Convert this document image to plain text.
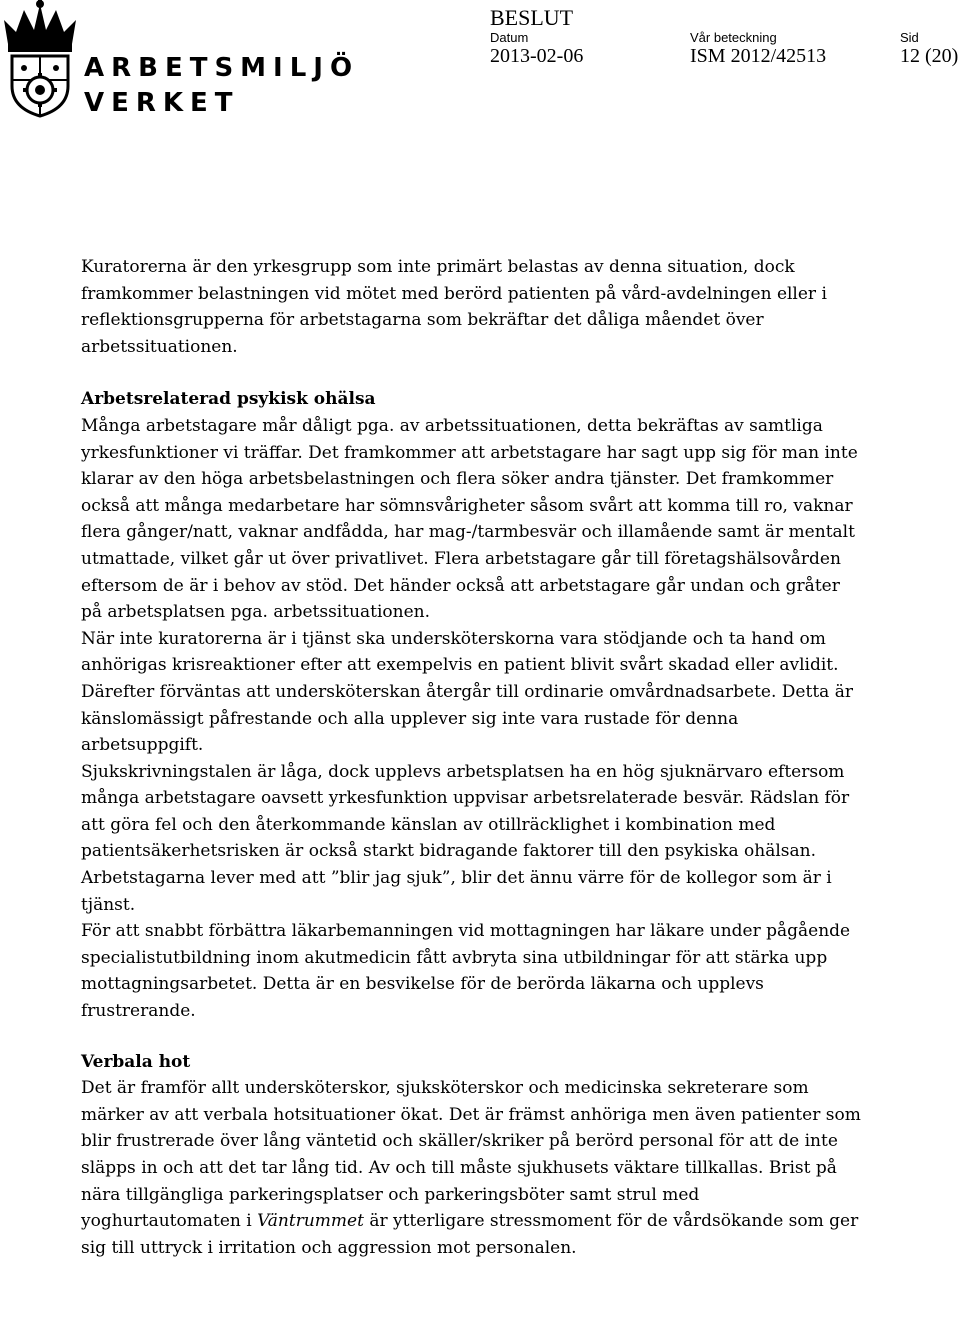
ARBETSMILJÖ
VERKET
BESLUT
Datum	Vår beteckning	Sid
2013-02-06	ISM 2012/42513	12 (20)

Kuratorerna är den yrkesgrupp som inte primärt belastas av denna situation, dock framkommer belastningen vid mötet med berörd patienten på vård-avdelningen eller i reflektionsgrupperna för arbetstagarna som bekräftar det dåliga måendet över arbetssituationen.

Arbetsrelaterad psykisk ohälsa

Många arbetstagare mår dåligt pga. av arbetssituationen, detta bekräftas av samtliga yrkesfunktioner vi träffar. Det framkommer att arbetstagare har sagt upp sig för man inte klarar av den höga arbetsbelastningen och flera söker andra tjänster. Det framkommer också att många medarbetare har sömnsvårigheter såsom svårt att komma till ro, vaknar flera gånger/natt, vaknar andfådda, har mag-/tarmbesvär och illamående samt är mentalt utmattade, vilket går ut över privatlivet. Flera arbetstagare går till företagshälsovården eftersom de är i behov av stöd. Det händer också att arbetstagare går undan och gråter på arbetsplatsen pga. arbetssituationen.

När inte kuratorerna är i tjänst ska undersköterskorna vara stödjande och ta hand om anhörigas krisreaktioner efter att exempelvis en patient blivit svårt skadad eller avlidit. Därefter förväntas att undersköterskan återgår till ordinarie omvårdnadsarbete. Detta är känslomässigt påfrestande och alla upplever sig inte vara rustade för denna arbetsuppgift.

Sjukskrivningstalen är låga, dock upplevs arbetsplatsen ha en hög sjuknärvaro eftersom många arbetstagare oavsett yrkesfunktion uppvisar arbetsrelaterade besvär. Rädslan för att göra fel och den återkommande känslan av otillräcklighet i kombination med patientsäkerhetsrisken är också starkt bidragande faktorer till den psykiska ohälsan. Arbetstagarna lever med att ”blir jag sjuk”, blir det ännu värre för de kollegor som är i tjänst.

För att snabbt förbättra läkarbemanningen vid mottagningen har läkare under pågående specialistutbildning inom akutmedicin fått avbryta sina utbildningar för att stärka upp mottagningsarbetet. Detta är en besvikelse för de berörda läkarna och upplevs frustrerande.

Verbala hot

Det är framför allt undersköterskor, sjuksköterskor och medicinska sekreterare som märker av att verbala hotsituationer ökat. Det är främst anhöriga men även patienter som blir frustrerade över lång väntetid och skäller/skriker på berörd personal för att de inte släpps in och att det tar lång tid. Av och till måste sjukhusets väktare tillkallas. Brist på nära tillgängliga parkeringsplatser och parkeringsböter samt strul med yoghurtautomaten i Väntrummet är ytterligare stressmoment för de vårdsökande som ger sig till uttryck i irritation och aggression mot personalen.
